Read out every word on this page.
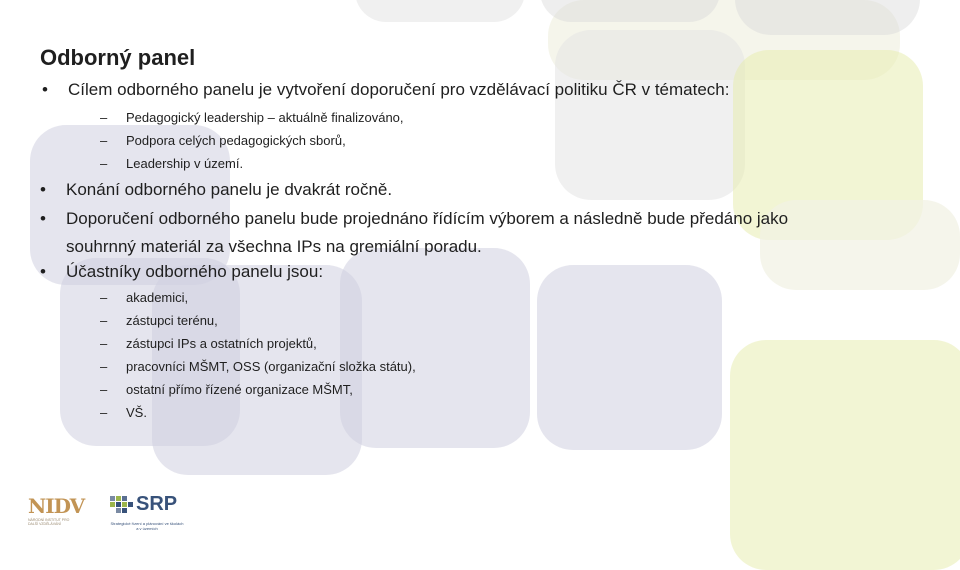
Odborný panel
•	Cílem odborného panelu je vytvoření doporučení pro vzdělávací politiku ČR v tématech:
–	Pedagogický leadership – aktuálně finalizováno,
–	Podpora celých pedagogických sborů,
–	Leadership v území.
•	Konání odborného panelu je dvakrát ročně.
•	Doporučení odborného panelu bude projednáno řídícím výborem a následně bude předáno jako
souhrnný materiál za všechna IPs na gremiální poradu.
•	Účastníky odborného panelu jsou:
–	akademici,
–	zástupci terénu,
–	zástupci IPs a ostatních projektů,
–	pracovníci MŠMT, OSS (organizační složka státu),
–	ostatní přímo řízené organizace MŠMT,
–	VŠ.
NIDV
NÁRODNÍ INSTITUT PRO DALŠÍ VZDĚLÁVÁNÍ
SRP
Strategické řízení a plánování ve školách a v územích
